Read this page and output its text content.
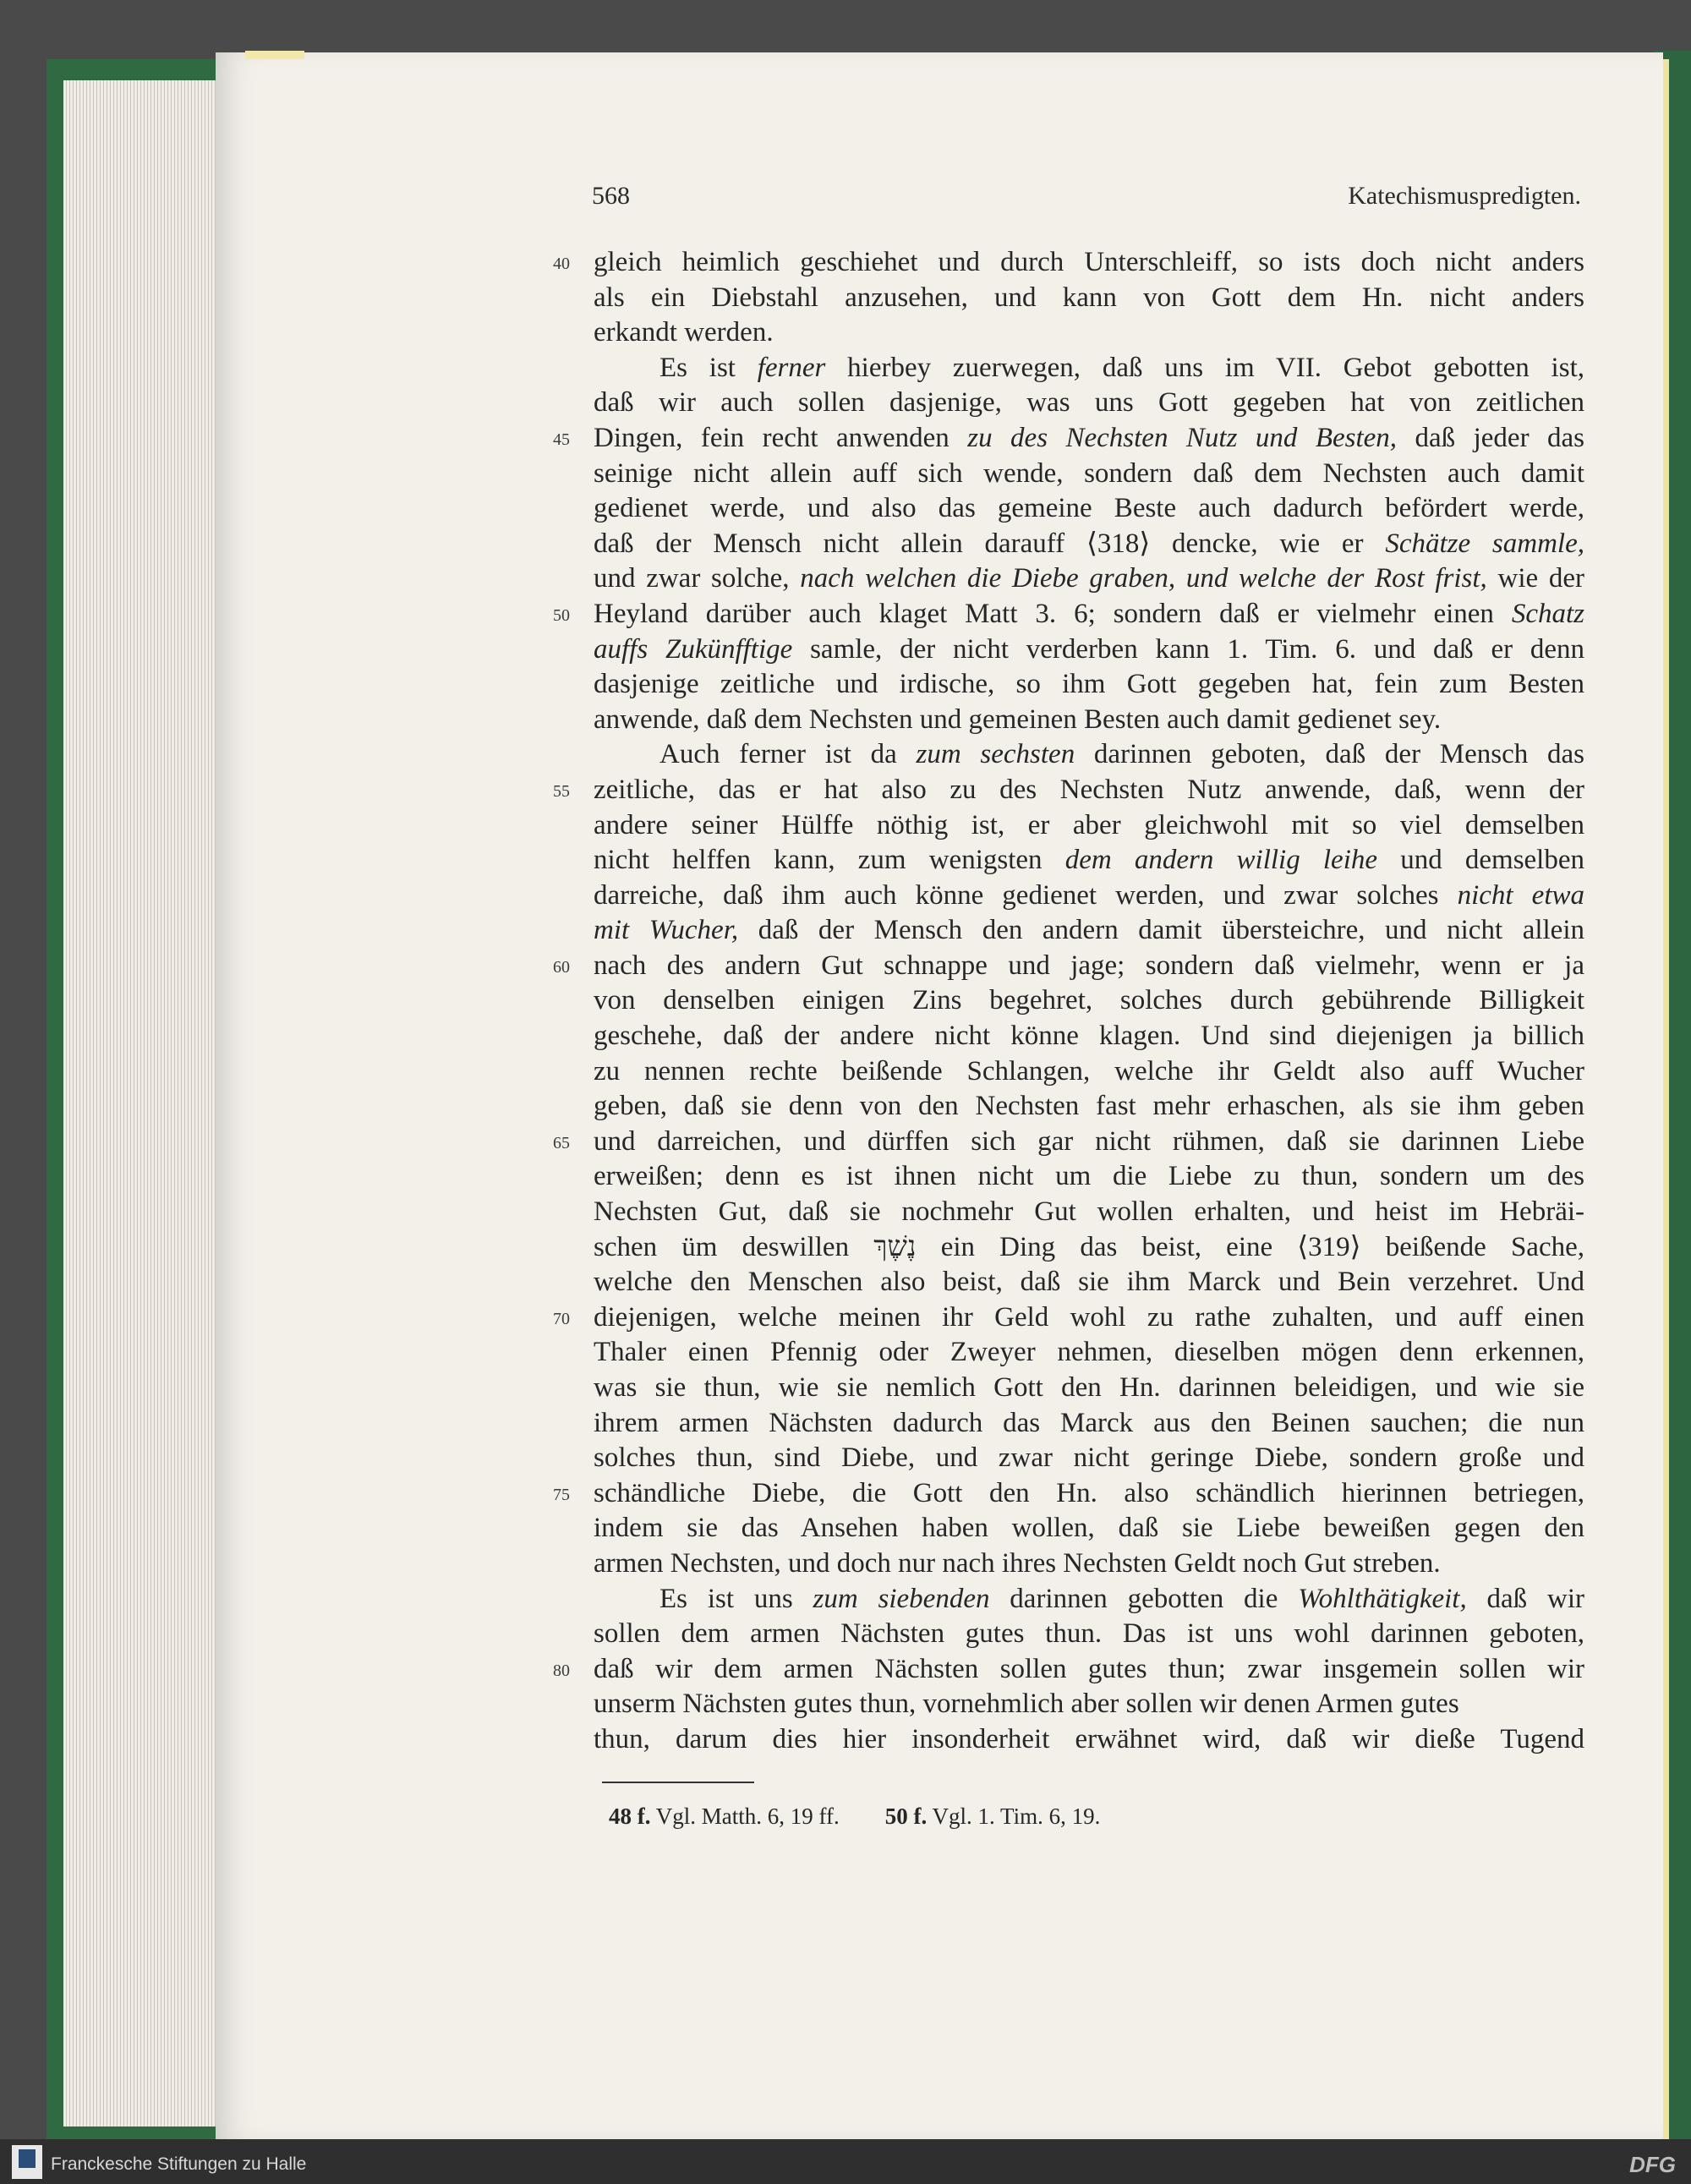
568	Katechismuspredigten.
40 gleich heimlich geschiehet und durch Unterschleiff, so ists doch nicht anders
als ein Diebstahl anzusehen, und kann von Gott dem Hn. nicht anders
erkandt werden.
Es ist ferner hierbey zuerwegen, daß uns im VII. Gebot gebotten ist,
daß wir auch sollen dasjenige, was uns Gott gegeben hat von zeitlichen
45 Dingen, fein recht anwenden zu des Nechsten Nutz und Besten, daß jeder das
seinige nicht allein auff sich wende, sondern daß dem Nechsten auch damit
gedienet werde, und also das gemeine Beste auch dadurch befördert werde,
daß der Mensch nicht allein darauff ⟨318⟩ dencke, wie er Schätze sammle,
und zwar solche, nach welchen die Diebe graben, und welche der Rost frist, wie der
50 Heyland darüber auch klaget Matt 3. 6; sondern daß er vielmehr einen Schatz
auffs Zukünfftige samle, der nicht verderben kann 1. Tim. 6. und daß er denn
dasjenige zeitliche und irdische, so ihm Gott gegeben hat, fein zum Besten
anwende, daß dem Nechsten und gemeinen Besten auch damit gedienet sey.
Auch ferner ist da zum sechsten darinnen geboten, daß der Mensch das
55 zeitliche, das er hat also zu des Nechsten Nutz anwende, daß, wenn der
andere seiner Hülffe nöthig ist, er aber gleichwohl mit so viel demselben
nicht helffen kann, zum wenigsten dem andern willig leihe und demselben
darreiche, daß ihm auch könne gedienet werden, und zwar solches nicht etwa
mit Wucher, daß der Mensch den andern damit übersteichre, und nicht allein
60 nach des andern Gut schnappe und jage; sondern daß vielmehr, wenn er ja
von denselben einigen Zins begehret, solches durch gebührende Billigkeit
geschehe, daß der andere nicht könne klagen. Und sind diejenigen ja billich
zu nennen rechte beißende Schlangen, welche ihr Geldt also auff Wucher
geben, daß sie denn von den Nechsten fast mehr erhaschen, als sie ihm geben
65 und darreichen, und dürffen sich gar nicht rühmen, daß sie darinnen Liebe
erweißen; denn es ist ihnen nicht um die Liebe zu thun, sondern um des
Nechsten Gut, daß sie nochmehr Gut wollen erhalten, und heist im Hebräi-
schen üm deswillen נֶשֶׁךְ ein Ding das beist, eine ⟨319⟩ beißende Sache,
welche den Menschen also beist, daß sie ihm Marck und Bein verzehret. Und
70 diejenigen, welche meinen ihr Geld wohl zu rathe zuhalten, und auff einen
Thaler einen Pfennig oder Zweyer nehmen, dieselben mögen denn erkennen,
was sie thun, wie sie nemlich Gott den Hn. darinnen beleidigen, und wie sie
ihrem armen Nächsten dadurch das Marck aus den Beinen sauchen; die nun
solches thun, sind Diebe, und zwar nicht geringe Diebe, sondern große und
75 schändliche Diebe, die Gott den Hn. also schändlich hierinnen betriegen,
indem sie das Ansehen haben wollen, daß sie Liebe beweißen gegen den
armen Nechsten, und doch nur nach ihres Nechsten Geldt noch Gut streben.
Es ist uns zum siebenden darinnen gebotten die Wohlthätigkeit, daß wir
sollen dem armen Nächsten gutes thun. Das ist uns wohl darinnen geboten,
80 daß wir dem armen Nächsten sollen gutes thun; zwar insgemein sollen wir
unserm Nächsten gutes thun, vornehmlich aber sollen wir denen Armen gutes
thun, darum dies hier insonderheit erwähnet wird, daß wir dieße Tugend
48 f. Vgl. Matth. 6, 19 ff. 50 f. Vgl. 1. Tim. 6, 19.
Franckesche Stiftungen zu Halle	DFG
